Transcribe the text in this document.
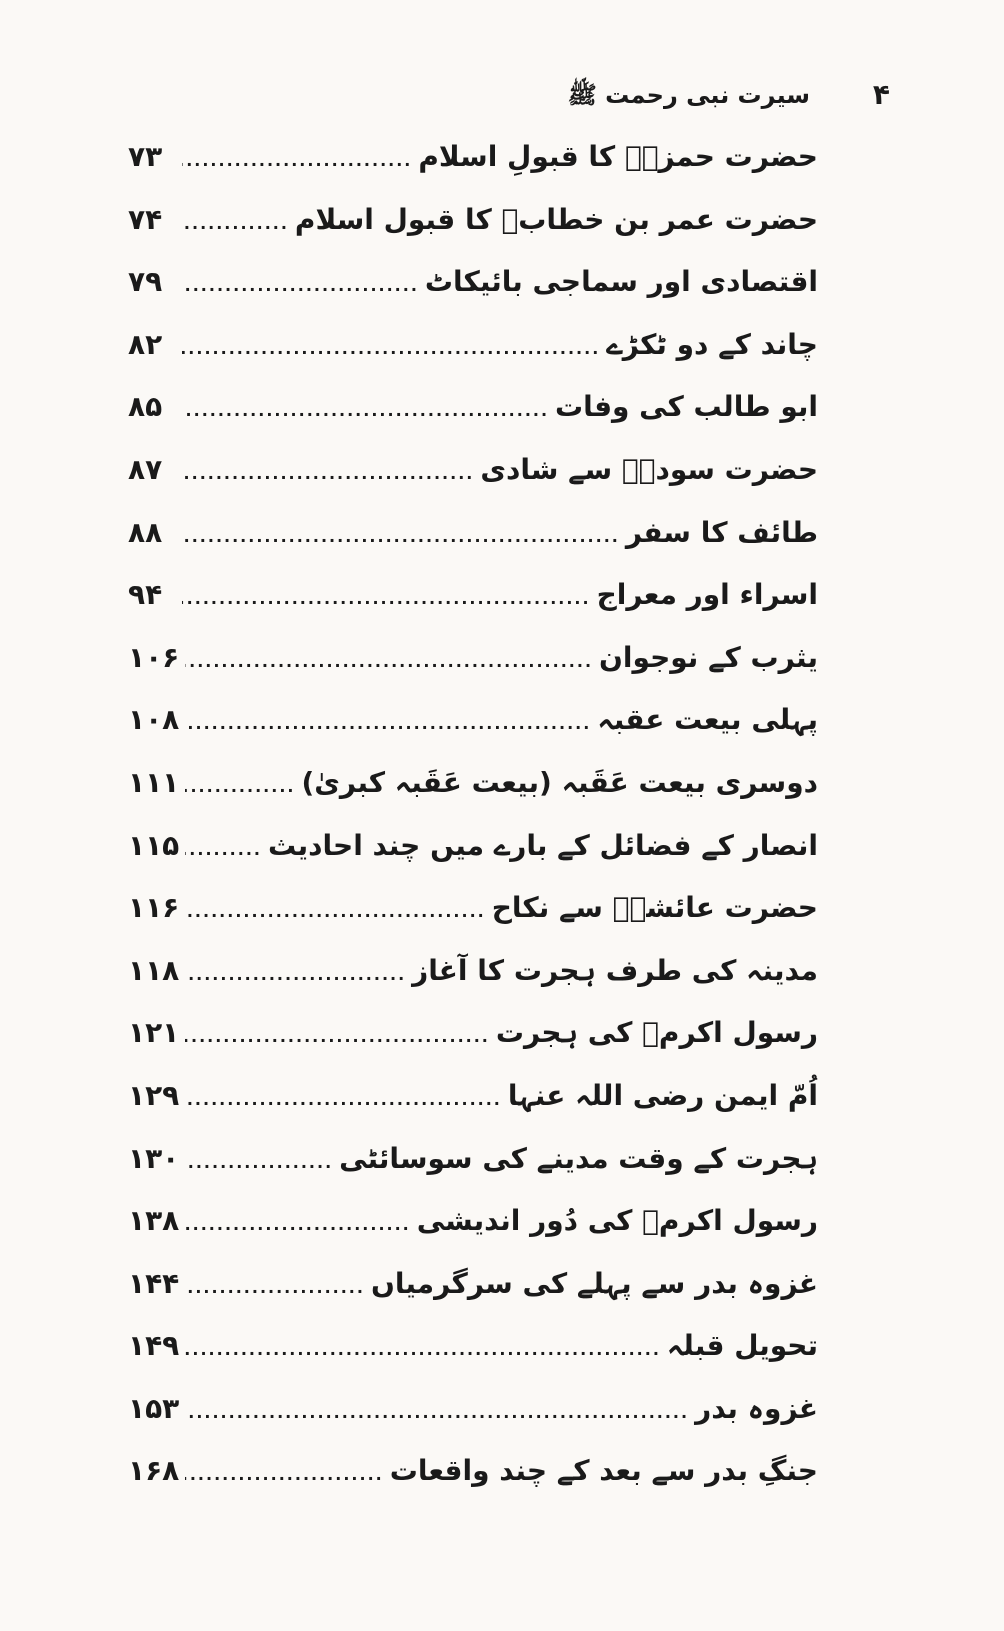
۴
سیرت نبی رحمت ﷺ
حضرت حمزہؓ کا قبولِ اسلام
.....
۷۳
حضرت عمر بن خطابؓ کا قبول اسلام
.....
۷۴
اقتصادی اور سماجی بائیکاٹ
.....
۷۹
چاند کے دو ٹکڑے
.....
۸۲
ابو طالب کی وفات
.....
۸۵
حضرت سودہؓ سے شادی
.....
۸۷
طائف کا سفر
.....
۸۸
اسراء اور معراج
.....
۹۴
یثرب کے نوجوان
.....
۱۰۶
پہلی بیعت عقبہ
.....
۱۰۸
دوسری بیعت عَقَبہ (بیعت عَقَبہ کبریٰ)
.....
۱۱۱
انصار کے فضائل کے بارے میں چند احادیث
.....
۱۱۵
حضرت عائشہؓ سے نکاح
.....
۱۱۶
مدینہ کی طرف ہجرت کا آغاز
.....
۱۱۸
رسول اکرمؐ کی ہجرت
.....
۱۲۱
اُمّ ایمن رضی اللہ عنہا
.....
۱۲۹
ہجرت کے وقت مدینے کی سوسائٹی
.....
۱۳۰
رسول اکرمؐ کی دُور اندیشی
.....
۱۳۸
غزوہ بدر سے پہلے کی سرگرمیاں
.....
۱۴۴
تحویل قبلہ
.....
۱۴۹
غزوہ بدر
.....
۱۵۳
جنگِ بدر سے بعد کے چند واقعات
.....
۱۶۸
